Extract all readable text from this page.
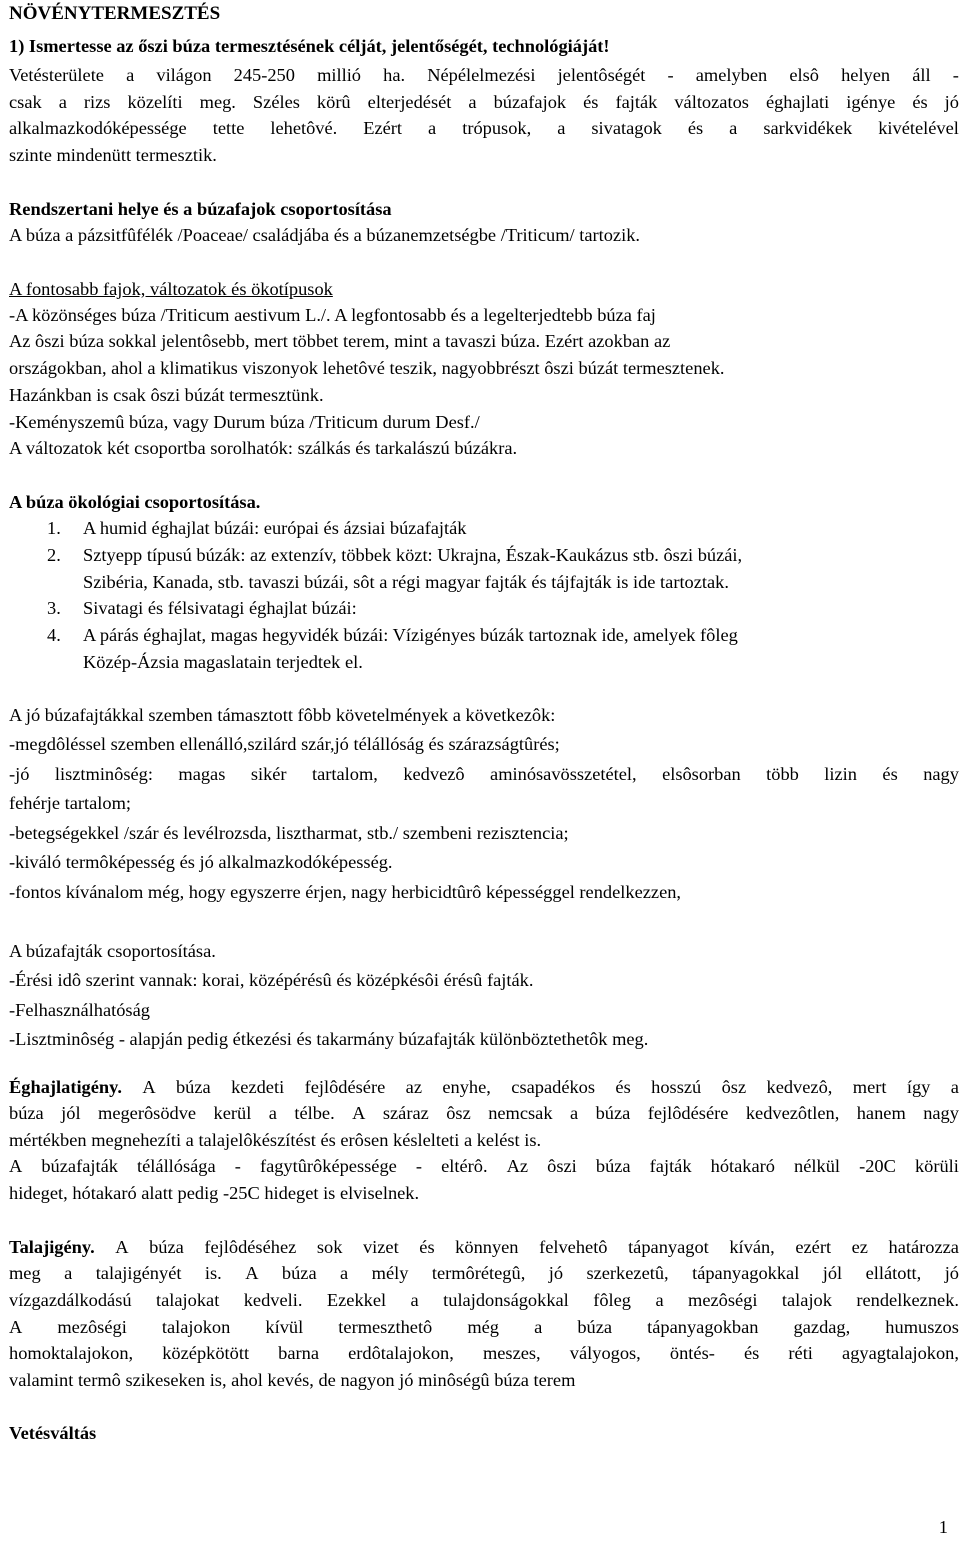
NÖVÉNYTERMESZTÉS
1) Ismertesse az őszi búza termesztésének célját, jelentőségét, technológiáját!
Vetésterülete a világon 245-250 millió ha. Népélelmezési jelentôségét - amelyben elsô helyen áll -
csak a rizs közelíti meg. Széles körû elterjedését a búzafajok és fajták változatos éghajlati igénye és jó
alkalmazkodóképessége tette lehetôvé. Ezért a trópusok, a sivatagok és a sarkvidékek kivételével
szinte mindenütt termesztik.
Rendszertani helye és a búzafajok csoportosítása
A búza a pázsitfûfélék /Poaceae/ családjába és a búzanemzetségbe /Triticum/ tartozik.
A fontosabb fajok, változatok és ökotípusok
-A közönséges búza /Triticum aestivum L./. A legfontosabb és a legelterjedtebb búza faj
Az ôszi búza sokkal jelentôsebb, mert többet terem, mint a tavaszi búza. Ezért azokban az
országokban, ahol a klimatikus viszonyok lehetôvé teszik, nagyobbrészt ôszi búzát termesztenek.
Hazánkban is csak ôszi búzát termesztünk.
-Keményszemû búza, vagy Durum búza /Triticum durum Desf./
A változatok két csoportba sorolhatók: szálkás és tarkalászú búzákra.
A búza ökológiai csoportosítása.
1. A humid éghajlat búzái: európai és ázsiai búzafajták
2. Sztyepp típusú búzák: az extenzív, többek közt: Ukrajna, Észak-Kaukázus stb. ôszi búzái,
Szibéria, Kanada, stb. tavaszi búzái, sôt a régi magyar fajták és tájfajták is ide tartoztak.
3. Sivatagi és félsivatagi éghajlat búzái:
4. A párás éghajlat, magas hegyvidék búzái: Vízigényes búzák tartoznak ide, amelyek fôleg
Közép-Ázsia magaslatain terjedtek el.
A jó búzafajtákkal szemben támasztott fôbb követelmények a következôk:
-megdôléssel szemben ellenálló,szilárd szár,jó télállóság és szárazságtûrés;
-jó lisztminôség: magas sikér tartalom, kedvezô aminósavösszetétel, elsôsorban több lizin és nagy
fehérje tartalom;
-betegségekkel /szár és levélrozsda, lisztharmat, stb./ szembeni rezisztencia;
-kiváló termôképesség és jó alkalmazkodóképesség.
-fontos kívánalom még, hogy egyszerre érjen, nagy herbicidtûrô képességgel rendelkezzen,
A búzafajták csoportosítása.
-Érési idô szerint vannak: korai, középérésû és középkésôi érésû fajták.
-Felhasználhatóság
-Lisztminôség - alapján pedig étkezési és takarmány búzafajták különböztethetôk meg.
Éghajlatigény. A búza kezdeti fejlôdésére az enyhe, csapadékos és hosszú ôsz kedvezô, mert így a
búza jól megerôsödve kerül a télbe. A száraz ôsz nemcsak a búza fejlôdésére kedvezôtlen, hanem nagy
mértékben megnehezíti a talajelôkészítést és erôsen késlelteti a kelést is.
A búzafajták télállósága - fagytûrôképessége - eltérô. Az ôszi búza fajták hótakaró nélkül -20C körüli
hideget, hótakaró alatt pedig -25C hideget is elviselnek.
Talajigény. A búza fejlôdéséhez sok vizet és könnyen felvehetô tápanyagot kíván, ezért ez határozza
meg a talajigényét is. A búza a mély termôrétegû, jó szerkezetû, tápanyagokkal jól ellátott, jó
vízgazdálkodású talajokat kedveli. Ezekkel a tulajdonságokkal fôleg a mezôségi talajok rendelkeznek.
A mezôségi talajokon kívül termeszthetô még a búza tápanyagokban gazdag, humuszos
homoktalajokon, középkötött barna erdôtalajokon, meszes, vályogos, öntés- és réti agyagtalajokon,
valamint termô szikeseken is, ahol kevés, de nagyon jó minôségû búza terem
Vetésváltás
1
